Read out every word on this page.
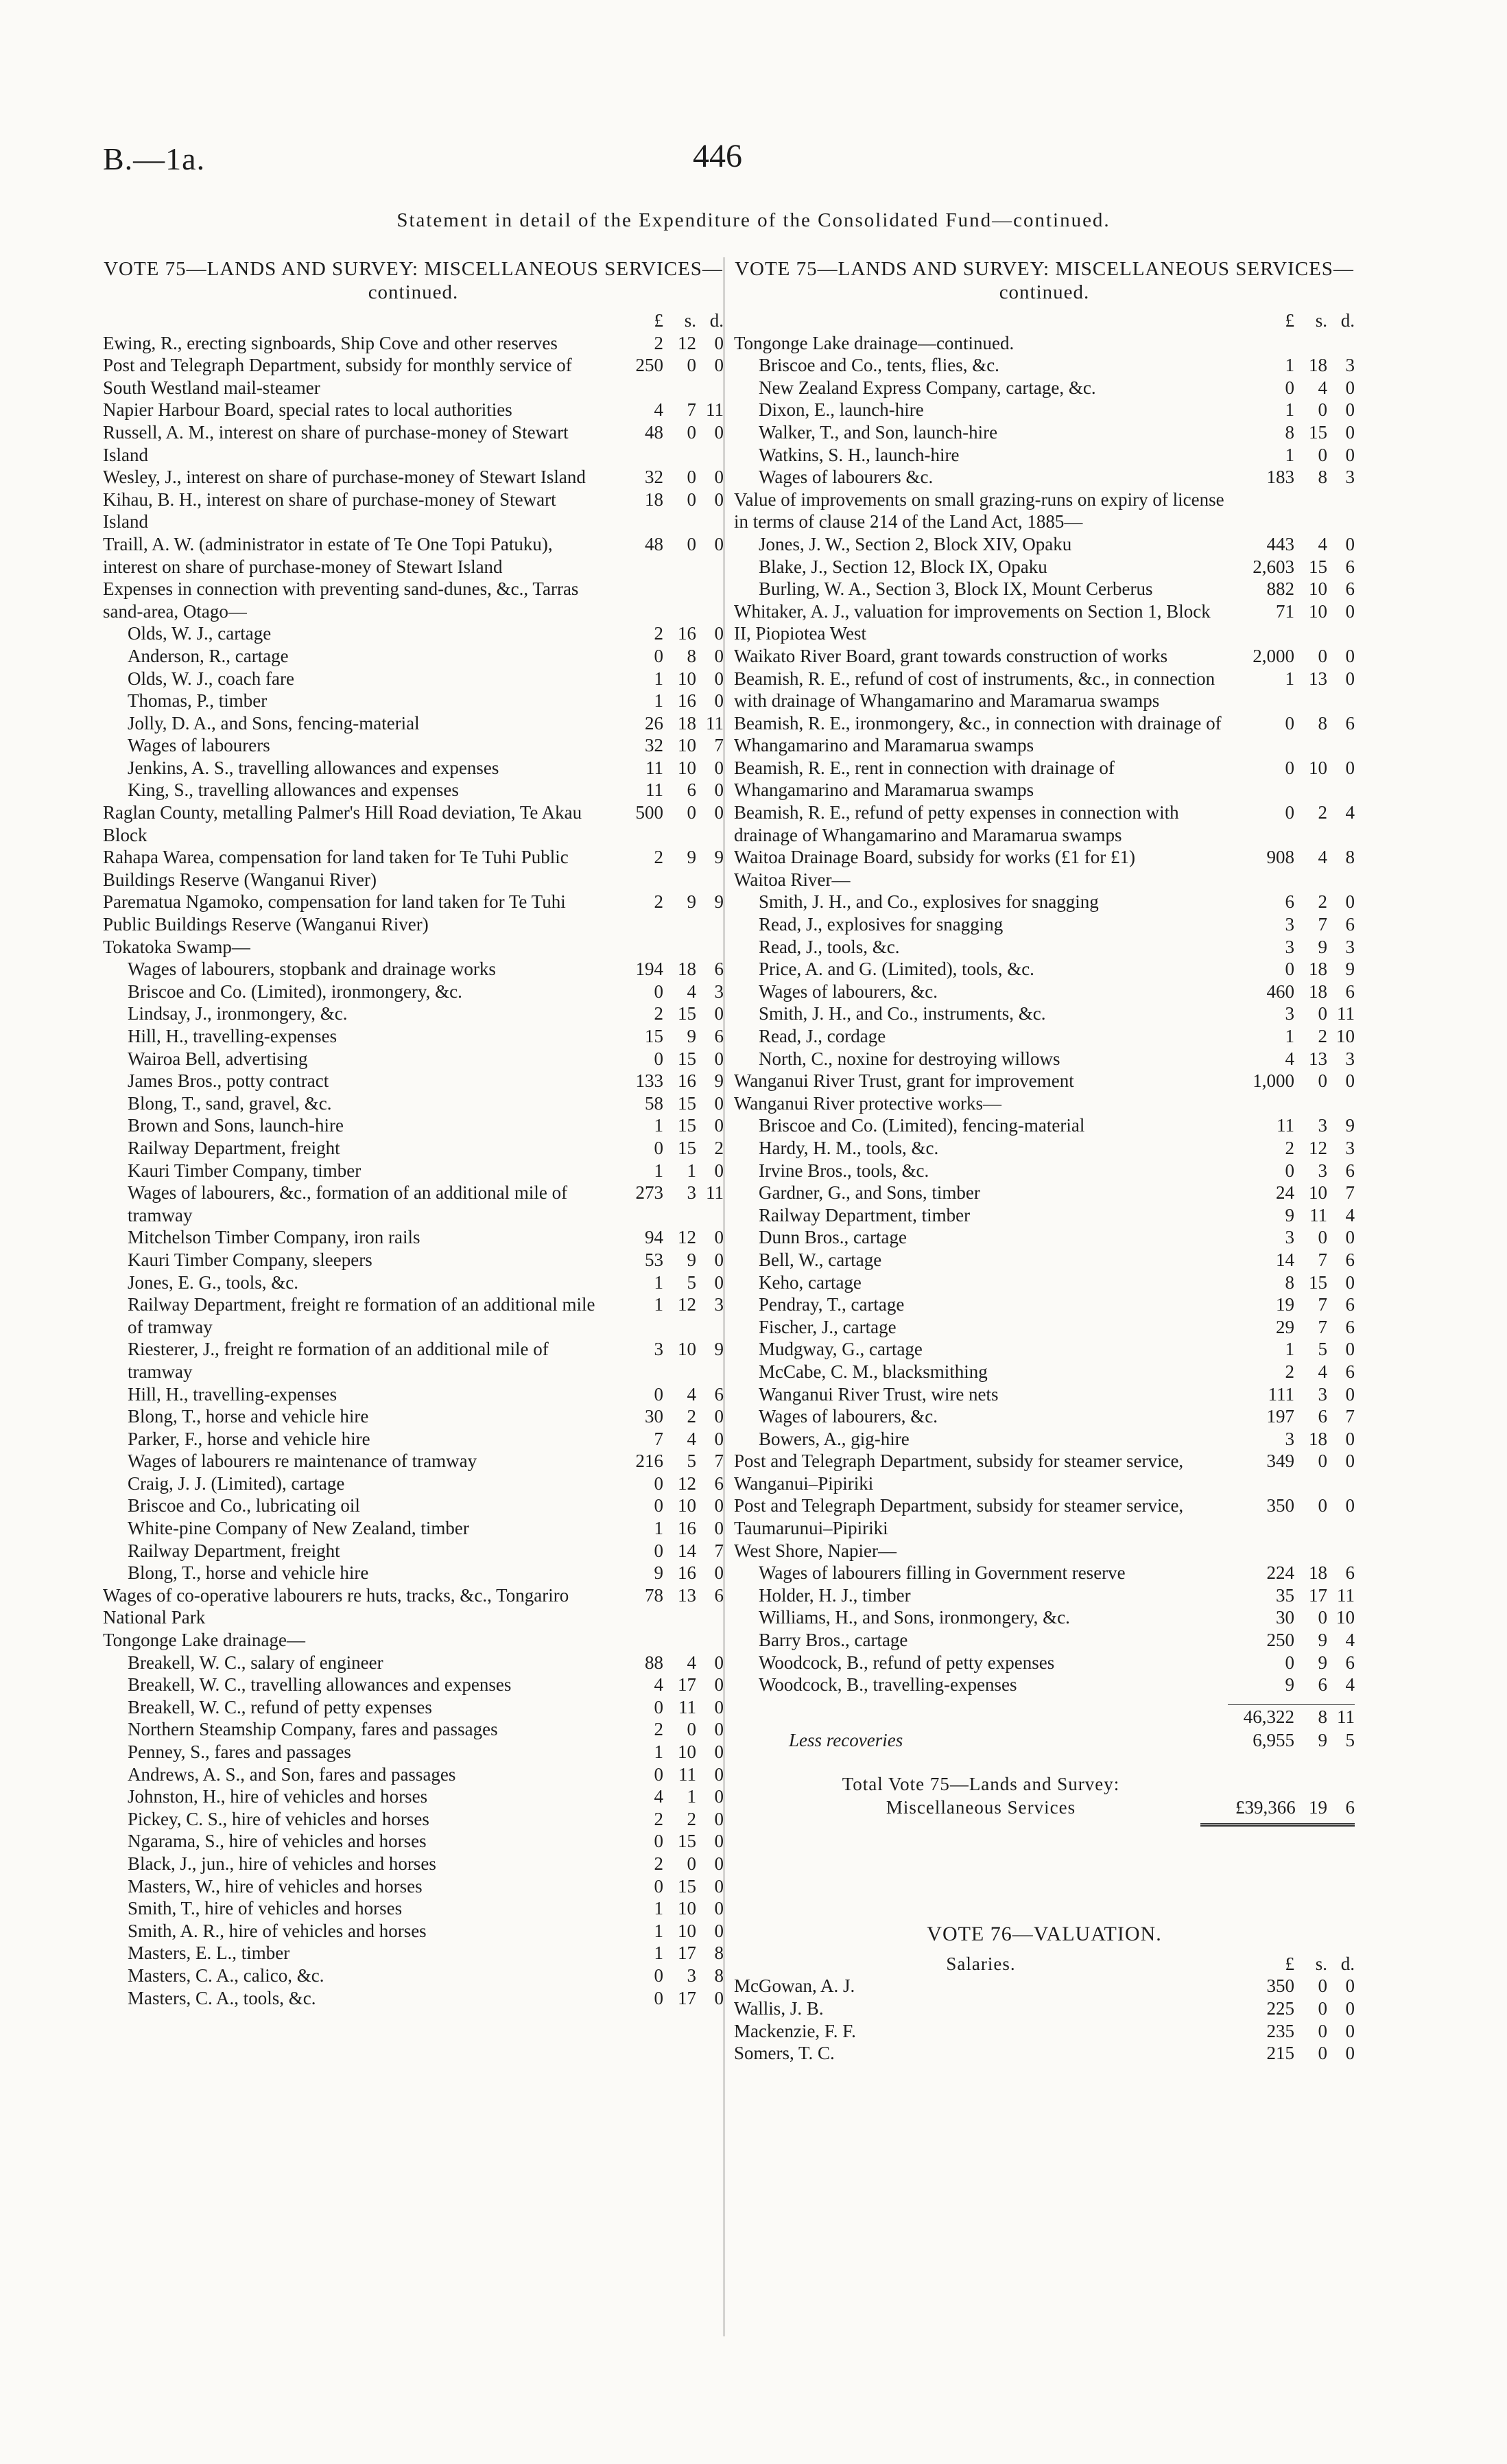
B.—1a.	446
Statement in detail of the Expenditure of the Consolidated Fund—continued.
VOTE 75—LANDS AND SURVEY: MISCELLANEOUS SERVICES—continued.
£	s. d.
Ewing, R., erecting signboards, Ship Cove and other reserves	2 12 0
Post and Telegraph Department, subsidy for monthly service of South Westland mail-steamer
250	0 0
Napier Harbour Board, special rates to local authorities	4	7 11
Russell, A. M., interest on share of purchase-money of Stewart Island
48	0 0
Wesley, J., interest on share of purchase-money of Stewart Island	32	0 0
Kihau, B. H., interest on share of purchase-money of Stewart Island
18	0 0
Traill, A. W. (administrator in estate of Te One Topi Patuku), interest on share of purchase-money of Stewart Island
48	0 0
Expenses in connection with preventing sand-dunes, &c., Tarras sand-area, Otago—
Olds, W. J., cartage	2 16 0
Anderson, R., cartage	0	8 0
Olds, W. J., coach fare	1 10 0
Thomas, P., timber	1 16 0
Jolly, D. A., and Sons, fencing-material	26 18 11
Wages of labourers	32 10 7
Jenkins, A. S., travelling allowances and expenses	11 10 0
King, S., travelling allowances and expenses	11	6 0
Raglan County, metalling Palmer's Hill Road deviation, Te Akau Block
500	0 0
Rahapa Warea, compensation for land taken for Te Tuhi Public Buildings Reserve (Wanganui River)
2	9 9
Parematua Ngamoko, compensation for land taken for Te Tuhi Public Buildings Reserve (Wanganui River)
2	9 9
Tokatoka Swamp—
Wages of labourers, stopbank and drainage works	194 18 6
Briscoe and Co. (Limited), ironmongery, &c.	0	4 3
Lindsay, J., ironmongery, &c.	2 15 0
Hill, H., travelling-expenses	15	9 6
Wairoa Bell, advertising	0 15 0
James Bros., potty contract	133 16 9
Blong, T., sand, gravel, &c.	58 15 0
Brown and Sons, launch-hire	1 15 0
Railway Department, freight	0 15 2
Kauri Timber Company, timber	1	1 0
Wages of labourers, &c., formation of an additional mile of tramway
273	3 11
Mitchelson Timber Company, iron rails	94 12 0
Kauri Timber Company, sleepers	53	9 0
Jones, E. G., tools, &c.	1	5 0
Railway Department, freight re formation of an additional mile of tramway
1 12 3
Riesterer, J., freight re formation of an additional mile of tramway
3 10 9
Hill, H., travelling-expenses	0	4 6
Blong, T., horse and vehicle hire	30	2 0
Parker, F., horse and vehicle hire	7	4 0
Wages of labourers re maintenance of tramway	216	5 7
Craig, J. J. (Limited), cartage	0 12 6
Briscoe and Co., lubricating oil	0 10 0
White-pine Company of New Zealand, timber	1 16 0
Railway Department, freight	0 14 7
Blong, T., horse and vehicle hire	9 16 0
Wages of co-operative labourers re huts, tracks, &c., Tongariro National Park
78 13 6
Tongonge Lake drainage—
Breakell, W. C., salary of engineer	88	4 0
Breakell, W. C., travelling allowances and expenses	4 17 0
Breakell, W. C., refund of petty expenses	0 11 0
Northern Steamship Company, fares and passages	2	0 0
Penney, S., fares and passages	1 10 0
Andrews, A. S., and Son, fares and passages	0 11 0
Johnston, H., hire of vehicles and horses	4	1 0
Pickey, C. S., hire of vehicles and horses	2	2 0
Ngarama, S., hire of vehicles and horses	0 15 0
Black, J., jun., hire of vehicles and horses	2	0 0
Masters, W., hire of vehicles and horses	0 15 0
Smith, T., hire of vehicles and horses	1 10 0
Smith, A. R., hire of vehicles and horses	1 10 0
Masters, E. L., timber	1 17 8
Masters, C. A., calico, &c.	0	3 8
Masters, C. A., tools, &c.	0 17 0
VOTE 75—LANDS AND SURVEY: MISCELLANEOUS SERVICES—continued.
£	s. d.
Tongonge Lake drainage—continued.
Briscoe and Co., tents, flies, &c.	1 18 3
New Zealand Express Company, cartage, &c.	0	4 0
Dixon, E., launch-hire	1	0 0
Walker, T., and Son, launch-hire	8 15 0
Watkins, S. H., launch-hire	1	0 0
Wages of labourers &c.	183	8 3
Value of improvements on small grazing-runs on expiry of license in terms of clause 214 of the Land Act, 1885—
Jones, J. W., Section 2, Block XIV, Opaku	443	4 0
Blake, J., Section 12, Block IX, Opaku	2,603 15 6
Burling, W. A., Section 3, Block IX, Mount Cerberus	882 10 6
Whitaker, A. J., valuation for improvements on Section 1, Block II, Piopiotea West
71 10 0
Waikato River Board, grant towards construction of works	2,000	0 0
Beamish, R. E., refund of cost of instruments, &c., in connection with drainage of Whangamarino and Maramarua swamps
1 13 0
Beamish, R. E., ironmongery, &c., in connection with drainage of Whangamarino and Maramarua swamps
0	8 6
Beamish, R. E., rent in connection with drainage of Whangamarino and Maramarua swamps
0 10 0
Beamish, R. E., refund of petty expenses in connection with drainage of Whangamarino and Maramarua swamps
0	2 4
Waitoa Drainage Board, subsidy for works (£1 for £1)	908	4 8
Waitoa River—
Smith, J. H., and Co., explosives for snagging	6	2 0
Read, J., explosives for snagging	3	7 6
Read, J., tools, &c.	3	9 3
Price, A. and G. (Limited), tools, &c.	0 18 9
Wages of labourers, &c.	460 18 6
Smith, J. H., and Co., instruments, &c.	3	0 11
Read, J., cordage	1	2 10
North, C., noxine for destroying willows	4 13 3
Wanganui River Trust, grant for improvement	1,000	0 0
Wanganui River protective works—
Briscoe and Co. (Limited), fencing-material	11	3 9
Hardy, H. M., tools, &c.	2 12 3
Irvine Bros., tools, &c.	0	3 6
Gardner, G., and Sons, timber	24 10 7
Railway Department, timber	9 11 4
Dunn Bros., cartage	3	0 0
Bell, W., cartage	14	7 6
Keho, cartage	8 15 0
Pendray, T., cartage	19	7 6
Fischer, J., cartage	29	7 6
Mudgway, G., cartage	1	5 0
McCabe, C. M., blacksmithing	2	4 6
Wanganui River Trust, wire nets	111	3 0
Wages of labourers, &c.	197	6 7
Bowers, A., gig-hire	3 18 0
Post and Telegraph Department, subsidy for steamer service, Wanganui–Pipiriki
349	0 0
Post and Telegraph Department, subsidy for steamer service, Taumarunui–Pipiriki
350	0 0
West Shore, Napier—
Wages of labourers filling in Government reserve	224 18 6
Holder, H. J., timber	35 17 11
Williams, H., and Sons, ironmongery, &c.	30	0 10
Barry Bros., cartage	250	9 4
Woodcock, B., refund of petty expenses	0	9 6
Woodcock, B., travelling-expenses	9	6 4
46,322	8 11
Less recoveries	6,955	9 5
Total Vote 75—Lands and Survey:
Miscellaneous Services	£39,366 19 6
VOTE 76—VALUATION.
Salaries.	£	s. d.
McGowan, A. J.	350	0 0
Wallis, J. B.	225	0 0
Mackenzie, F. F.	235	0 0
Somers, T. C.	215	0 0
